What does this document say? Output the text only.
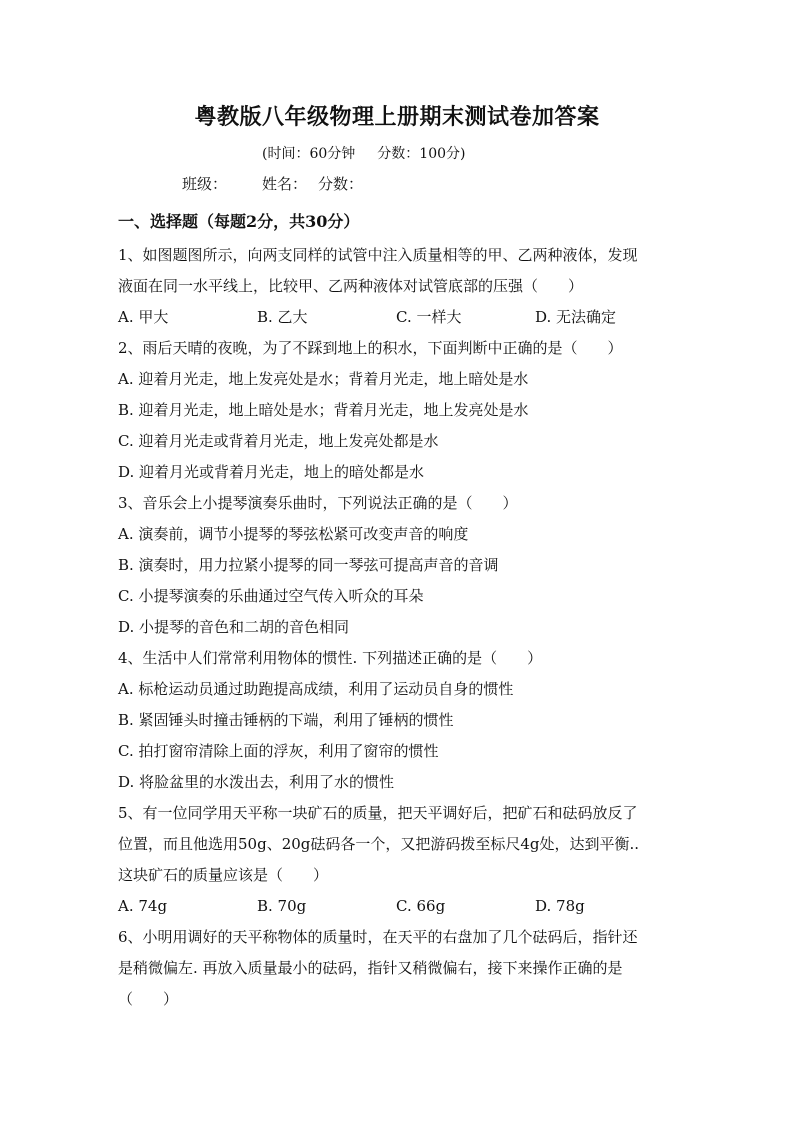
粤教版八年级物理上册期末测试卷加答案
(时间：60分钟 分数：100分)
班级： 姓名： 分数：
一、选择题（每题2分，共30分）
1、如图题图所示，向两支同样的试管中注入质量相等的甲、乙两种液体，发现
液面在同一水平线上，比较甲、乙两种液体对试管底部的压强（　　）
A. 甲大	B. 乙大	C. 一样大	D. 无法确定
2、雨后天晴的夜晚，为了不踩到地上的积水，下面判断中正确的是（　　）
A. 迎着月光走，地上发亮处是水；背着月光走，地上暗处是水
B. 迎着月光走，地上暗处是水；背着月光走，地上发亮处是水
C. 迎着月光走或背着月光走，地上发亮处都是水
D. 迎着月光或背着月光走，地上的暗处都是水
3、音乐会上小提琴演奏乐曲时，下列说法正确的是（　　）
A. 演奏前，调节小提琴的琴弦松紧可改变声音的响度
B. 演奏时，用力拉紧小提琴的同一琴弦可提高声音的音调
C. 小提琴演奏的乐曲通过空气传入听众的耳朵
D. 小提琴的音色和二胡的音色相同
4、生活中人们常常利用物体的惯性. 下列描述正确的是（　　）
A. 标枪运动员通过助跑提高成绩，利用了运动员自身的惯性
B. 紧固锤头时撞击锤柄的下端，利用了锤柄的惯性
C. 拍打窗帘清除上面的浮灰，利用了窗帘的惯性
D. 将脸盆里的水泼出去，利用了水的惯性
5、有一位同学用天平称一块矿石的质量，把天平调好后，把矿石和砝码放反了
位置，而且他选用50g、20g砝码各一个，又把游码拨至标尺4g处，达到平衡..
这块矿石的质量应该是（　　）
A. 74g	B. 70g	C. 66g	D. 78g
6、小明用调好的天平称物体的质量时，在天平的右盘加了几个砝码后，指针还
是稍微偏左. 再放入质量最小的砝码，指针又稍微偏右，接下来操作正确的是
（　　）
